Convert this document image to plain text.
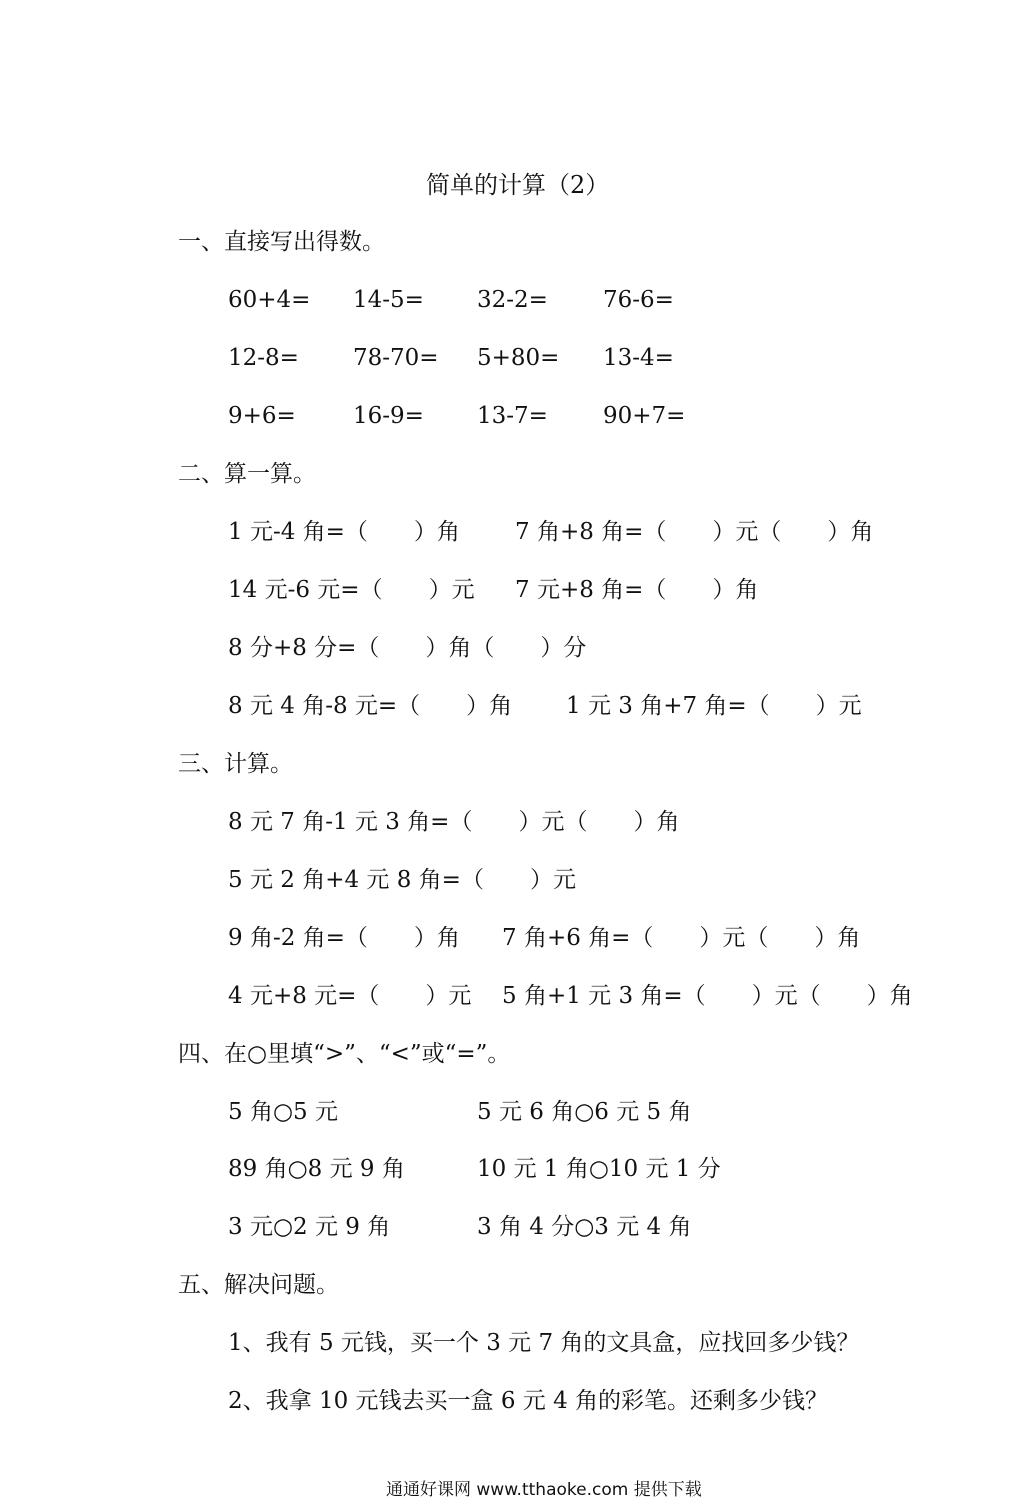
简单的计算（2）
一、直接写出得数。
60+4= 14-5= 32-2= 76-6=
12-8= 78-70= 5+80= 13-4=
9+6= 16-9= 13-7= 90+7=
二、算一算。
1 元-4 角=（　　）角 7 角+8 角=（　　）元（　　）角
14 元-6 元=（　　）元 7 元+8 角=（　　）角
8 分+8 分=（　　）角（　　）分
8 元 4 角-8 元=（　　）角 1 元 3 角+7 角=（　　）元
三、计算。
8 元 7 角-1 元 3 角=（　　）元（　　）角
5 元 2 角+4 元 8 角=（　　）元
9 角-2 角=（　　）角 7 角+6 角=（　　）元（　　）角
4 元+8 元=（　　）元 5 角+1 元 3 角=（　　）元（　　）角
四、在○里填“>”、“<”或“=”。
5 角○5 元	5 元 6 角○6 元 5 角
89 角○8 元 9 角	10 元 1 角○10 元 1 分
3 元○2 元 9 角	3 角 4 分○3 元 4 角
五、解决问题。
1、我有 5 元钱，买一个 3 元 7 角的文具盒，应找回多少钱？
2、我拿 10 元钱去买一盒 6 元 4 角的彩笔。还剩多少钱？
通通好课网 www.tthaoke.com 提供下载
